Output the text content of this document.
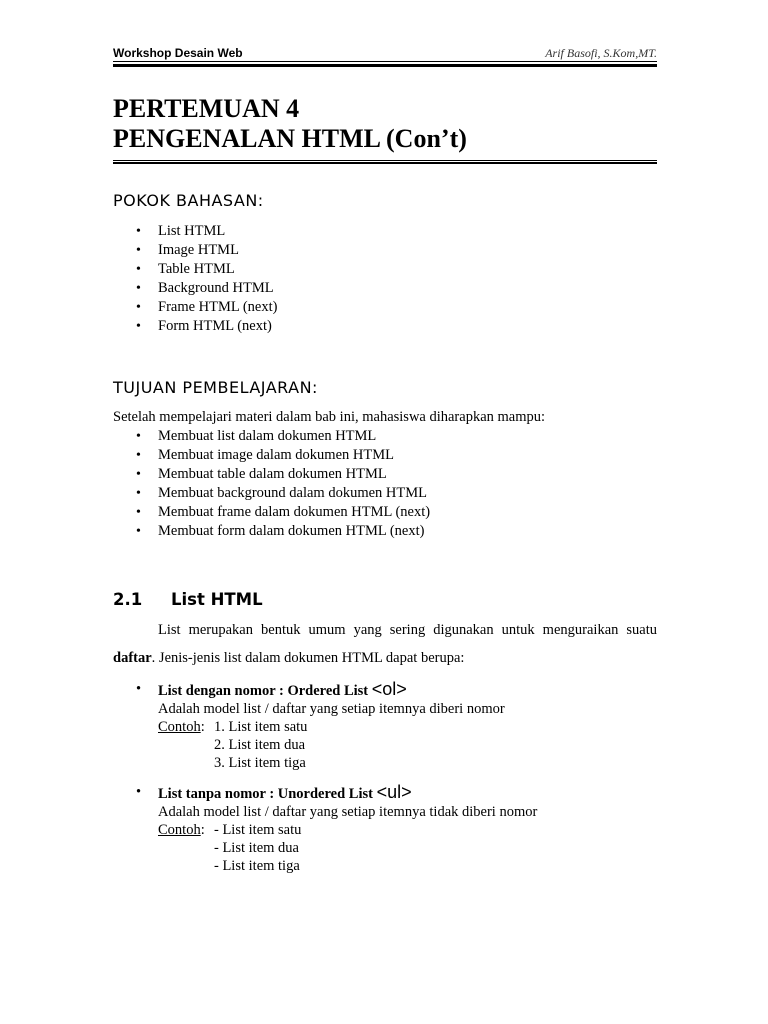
Workshop Desain Web	Arif Basofi, S.Kom,MT.
PERTEMUAN 4
PENGENALAN HTML (Con’t)
POKOK BAHASAN:
• List HTML
• Image HTML
• Table HTML
• Background HTML
• Frame HTML (next)
• Form HTML (next)
TUJUAN PEMBELAJARAN:
Setelah mempelajari materi dalam bab ini, mahasiswa diharapkan mampu:
• Membuat list dalam dokumen HTML
• Membuat image dalam dokumen HTML
• Membuat table dalam dokumen HTML
• Membuat background dalam dokumen HTML
• Membuat frame dalam dokumen HTML (next)
• Membuat form dalam dokumen HTML (next)
2.1 List HTML
List merupakan bentuk umum yang sering digunakan untuk menguraikan suatu
daftar. Jenis-jenis list dalam dokumen HTML dapat berupa:
• List dengan nomor : Ordered List <ol>
Adalah model list / daftar yang setiap itemnya diberi nomor
Contoh: 1. List item satu
2. List item dua
3. List item tiga
• List tanpa nomor : Unordered List <ul>
Adalah model list / daftar yang setiap itemnya tidak diberi nomor
Contoh: - List item satu
- List item dua
- List item tiga
